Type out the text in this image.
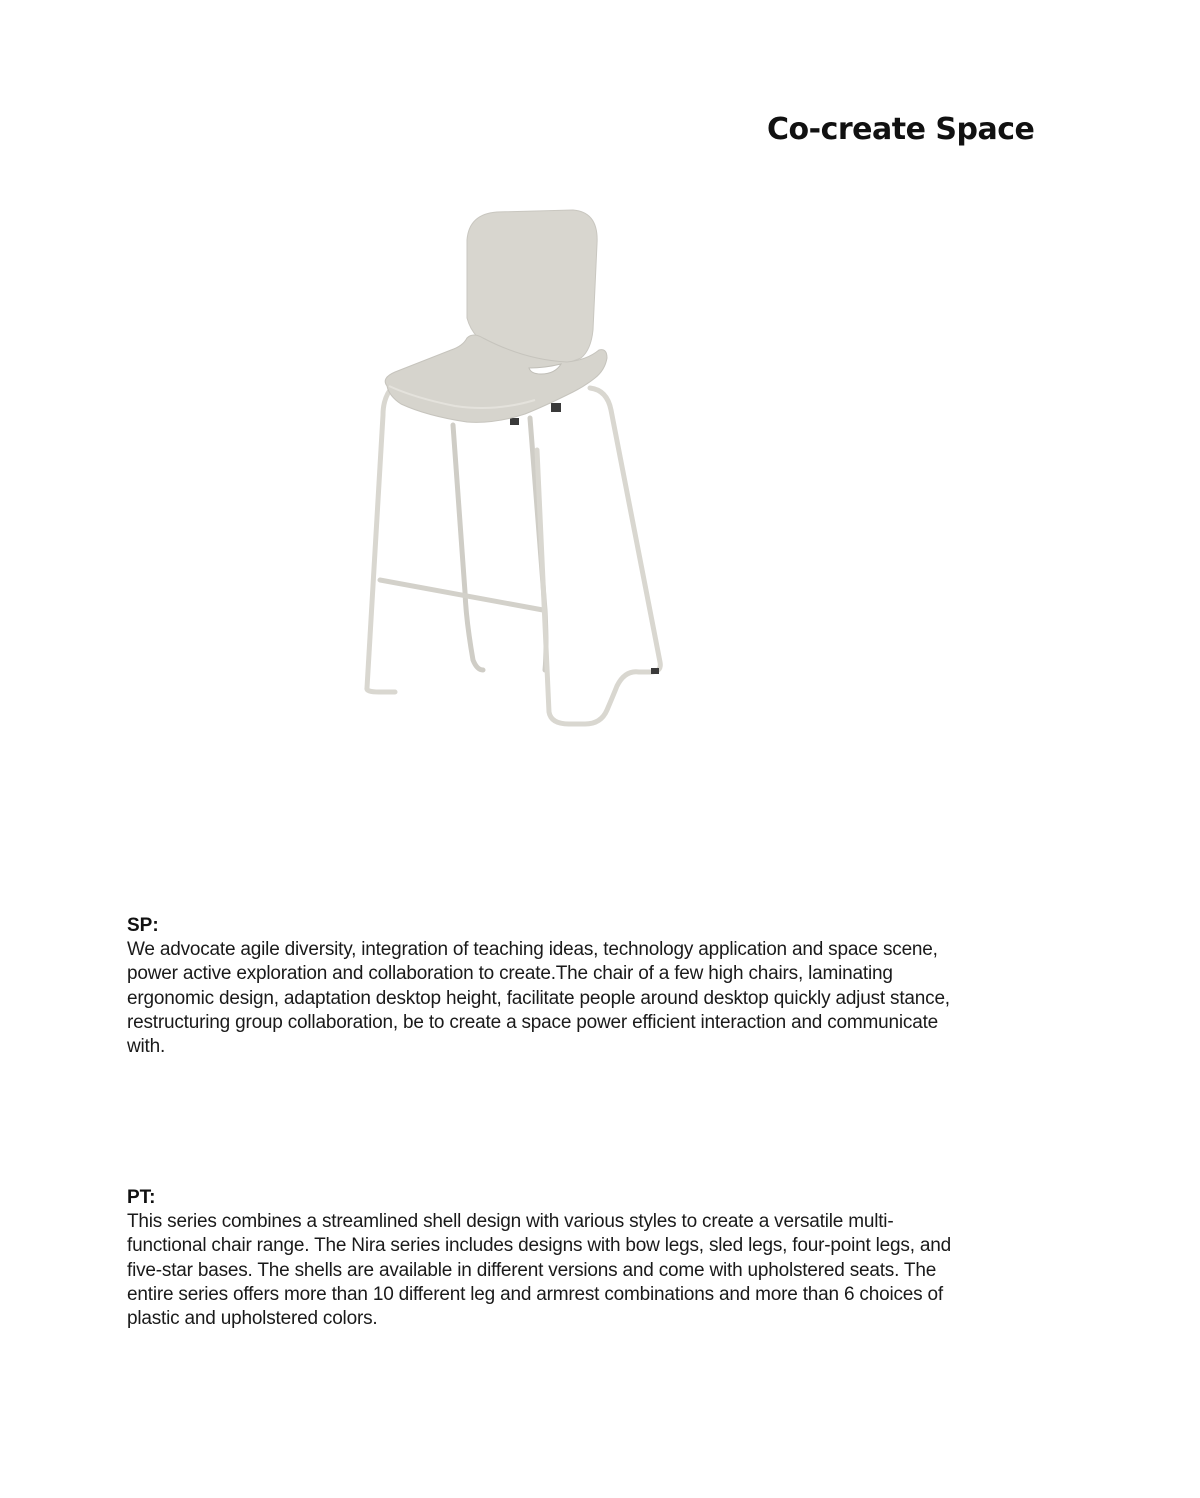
Co-create Space
SP:
We advocate agile diversity, integration of teaching ideas, technology application and space scene, power active exploration and collaboration to create.The chair of a few high chairs, laminating ergonomic design, adaptation desktop height, facilitate people around desktop quickly adjust stance, restructuring group collaboration, be to create a space power efficient interaction and communicate with.
PT:
This series combines a streamlined shell design with various styles to create a versatile multi-functional chair range. The Nira series includes designs with bow legs, sled legs, four-point legs, and five-star bases. The shells are available in different versions and come with upholstered seats. The entire series offers more than 10 different leg and armrest combinations and more than 6 choices of plastic and upholstered colors.
